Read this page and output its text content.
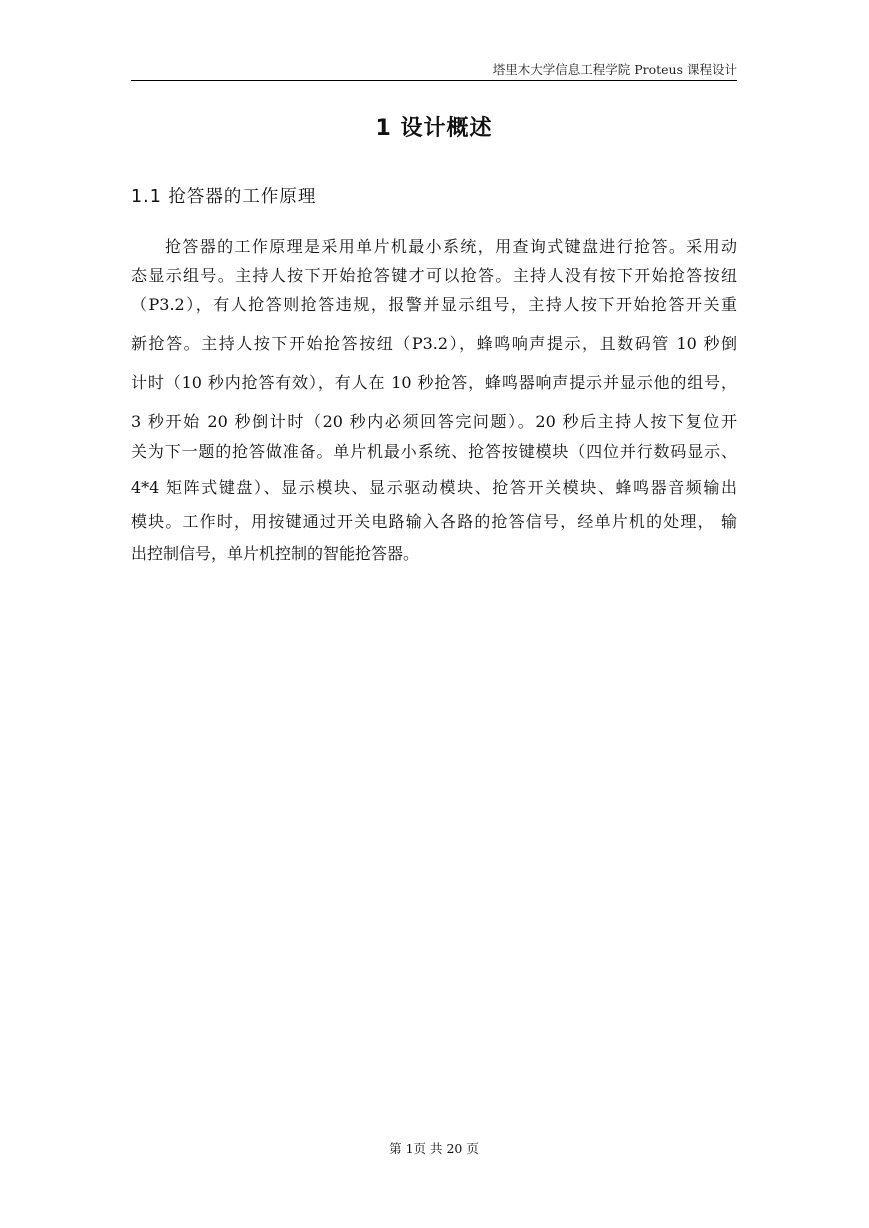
塔里木大学信息工程学院 Proteus 课程设计
1 设计概述
1.1 抢答器的工作原理
抢答器的工作原理是采用单片机最小系统，用查询式键盘进行抢答。采用动
态显示组号。主持人按下开始抢答键才可以抢答。主持人没有按下开始抢答按纽
（P3.2），有人抢答则抢答违规，报警并显示组号，主持人按下开始抢答开关重
新抢答。主持人按下开始抢答按纽（P3.2），蜂鸣响声提示，且数码管 10 秒倒
计时（10 秒内抢答有效），有人在 10 秒抢答，蜂鸣器响声提示并显示他的组号，
3 秒开始 20 秒倒计时（20 秒内必须回答完问题）。20 秒后主持人按下复位开
关为下一题的抢答做准备。单片机最小系统、抢答按键模块（四位并行数码显示、
4*4 矩阵式键盘）、显示模块、显示驱动模块、抢答开关模块、蜂鸣器音频输出
模块。工作时，用按键通过开关电路输入各路的抢答信号，经单片机的处理， 输
出控制信号，单片机控制的智能抢答器。
第 1页 共 20 页
